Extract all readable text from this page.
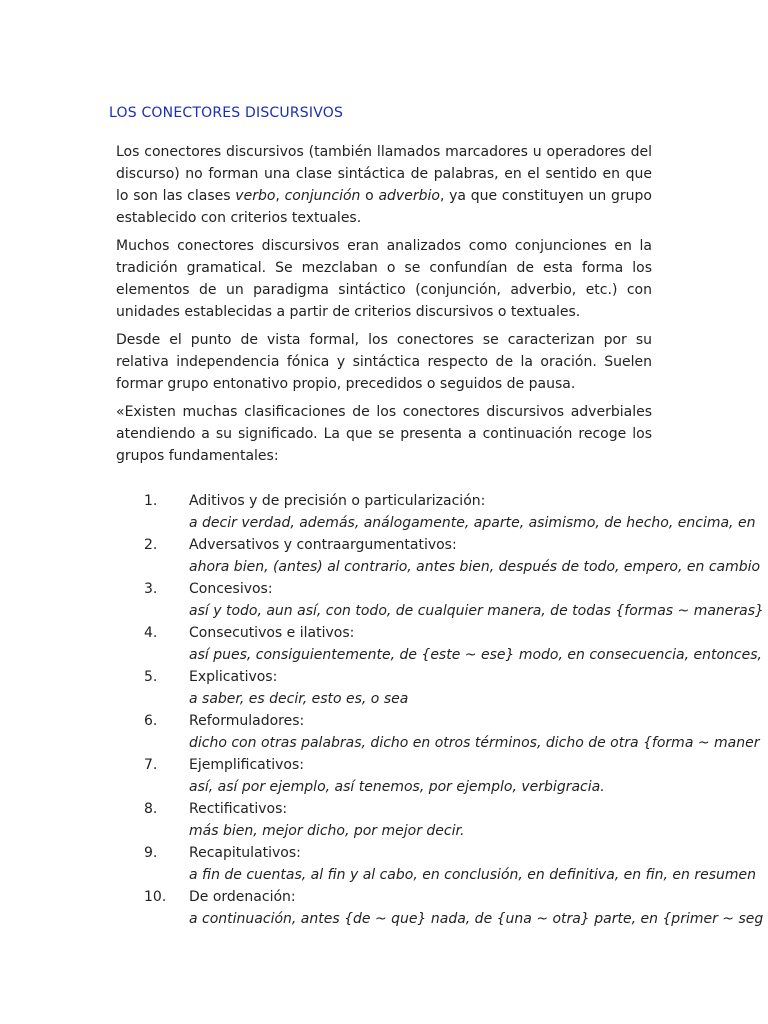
LOS CONECTORES DISCURSIVOS

Los conectores discursivos (también llamados marcadores u operadores del discurso) no forman una clase sintáctica de palabras, en el sentido en que lo son las clases verbo, conjunción o adverbio, ya que constituyen un grupo establecido con criterios textuales.

Muchos conectores discursivos eran analizados como conjunciones en la tradición gramatical. Se mezclaban o se confundían de esta forma los elementos de un paradigma sintáctico (conjunción, adverbio, etc.) con unidades establecidas a partir de criterios discursivos o textuales.

Desde el punto de vista formal, los conectores se caracterizan por su relativa independencia fónica y sintáctica respecto de la oración. Suelen formar grupo entonativo propio, precedidos o seguidos de pausa.

«Existen muchas clasificaciones de los conectores discursivos adverbiales atendiendo a su significado. La que se presenta a continuación recoge los grupos fundamentales:

1. Aditivos y de precisión o particularización:
a decir verdad, además, análogamente, aparte, asimismo, de hecho, encima, en
2. Adversativos y contraargumentativos:
ahora bien, (antes) al contrario, antes bien, después de todo, empero, en cambio
3. Concesivos:
así y todo, aun así, con todo, de cualquier manera, de todas {formas ~ maneras}
4. Consecutivos e ilativos:
así pues, consiguientemente, de {este ~ ese} modo, en consecuencia, entonces,
5. Explicativos:
a saber, es decir, esto es, o sea
6. Reformuladores:
dicho con otras palabras, dicho en otros términos, dicho de otra {forma ~ maner
7. Ejemplificativos:
así, así por ejemplo, así tenemos, por ejemplo, verbigracia.
8. Rectificativos:
más bien, mejor dicho, por mejor decir.
9. Recapitulativos:
a fin de cuentas, al fin y al cabo, en conclusión, en definitiva, en fin, en resumen
10. De ordenación:
a continuación, antes {de ~ que} nada, de {una ~ otra} parte, en {primer ~ seg
